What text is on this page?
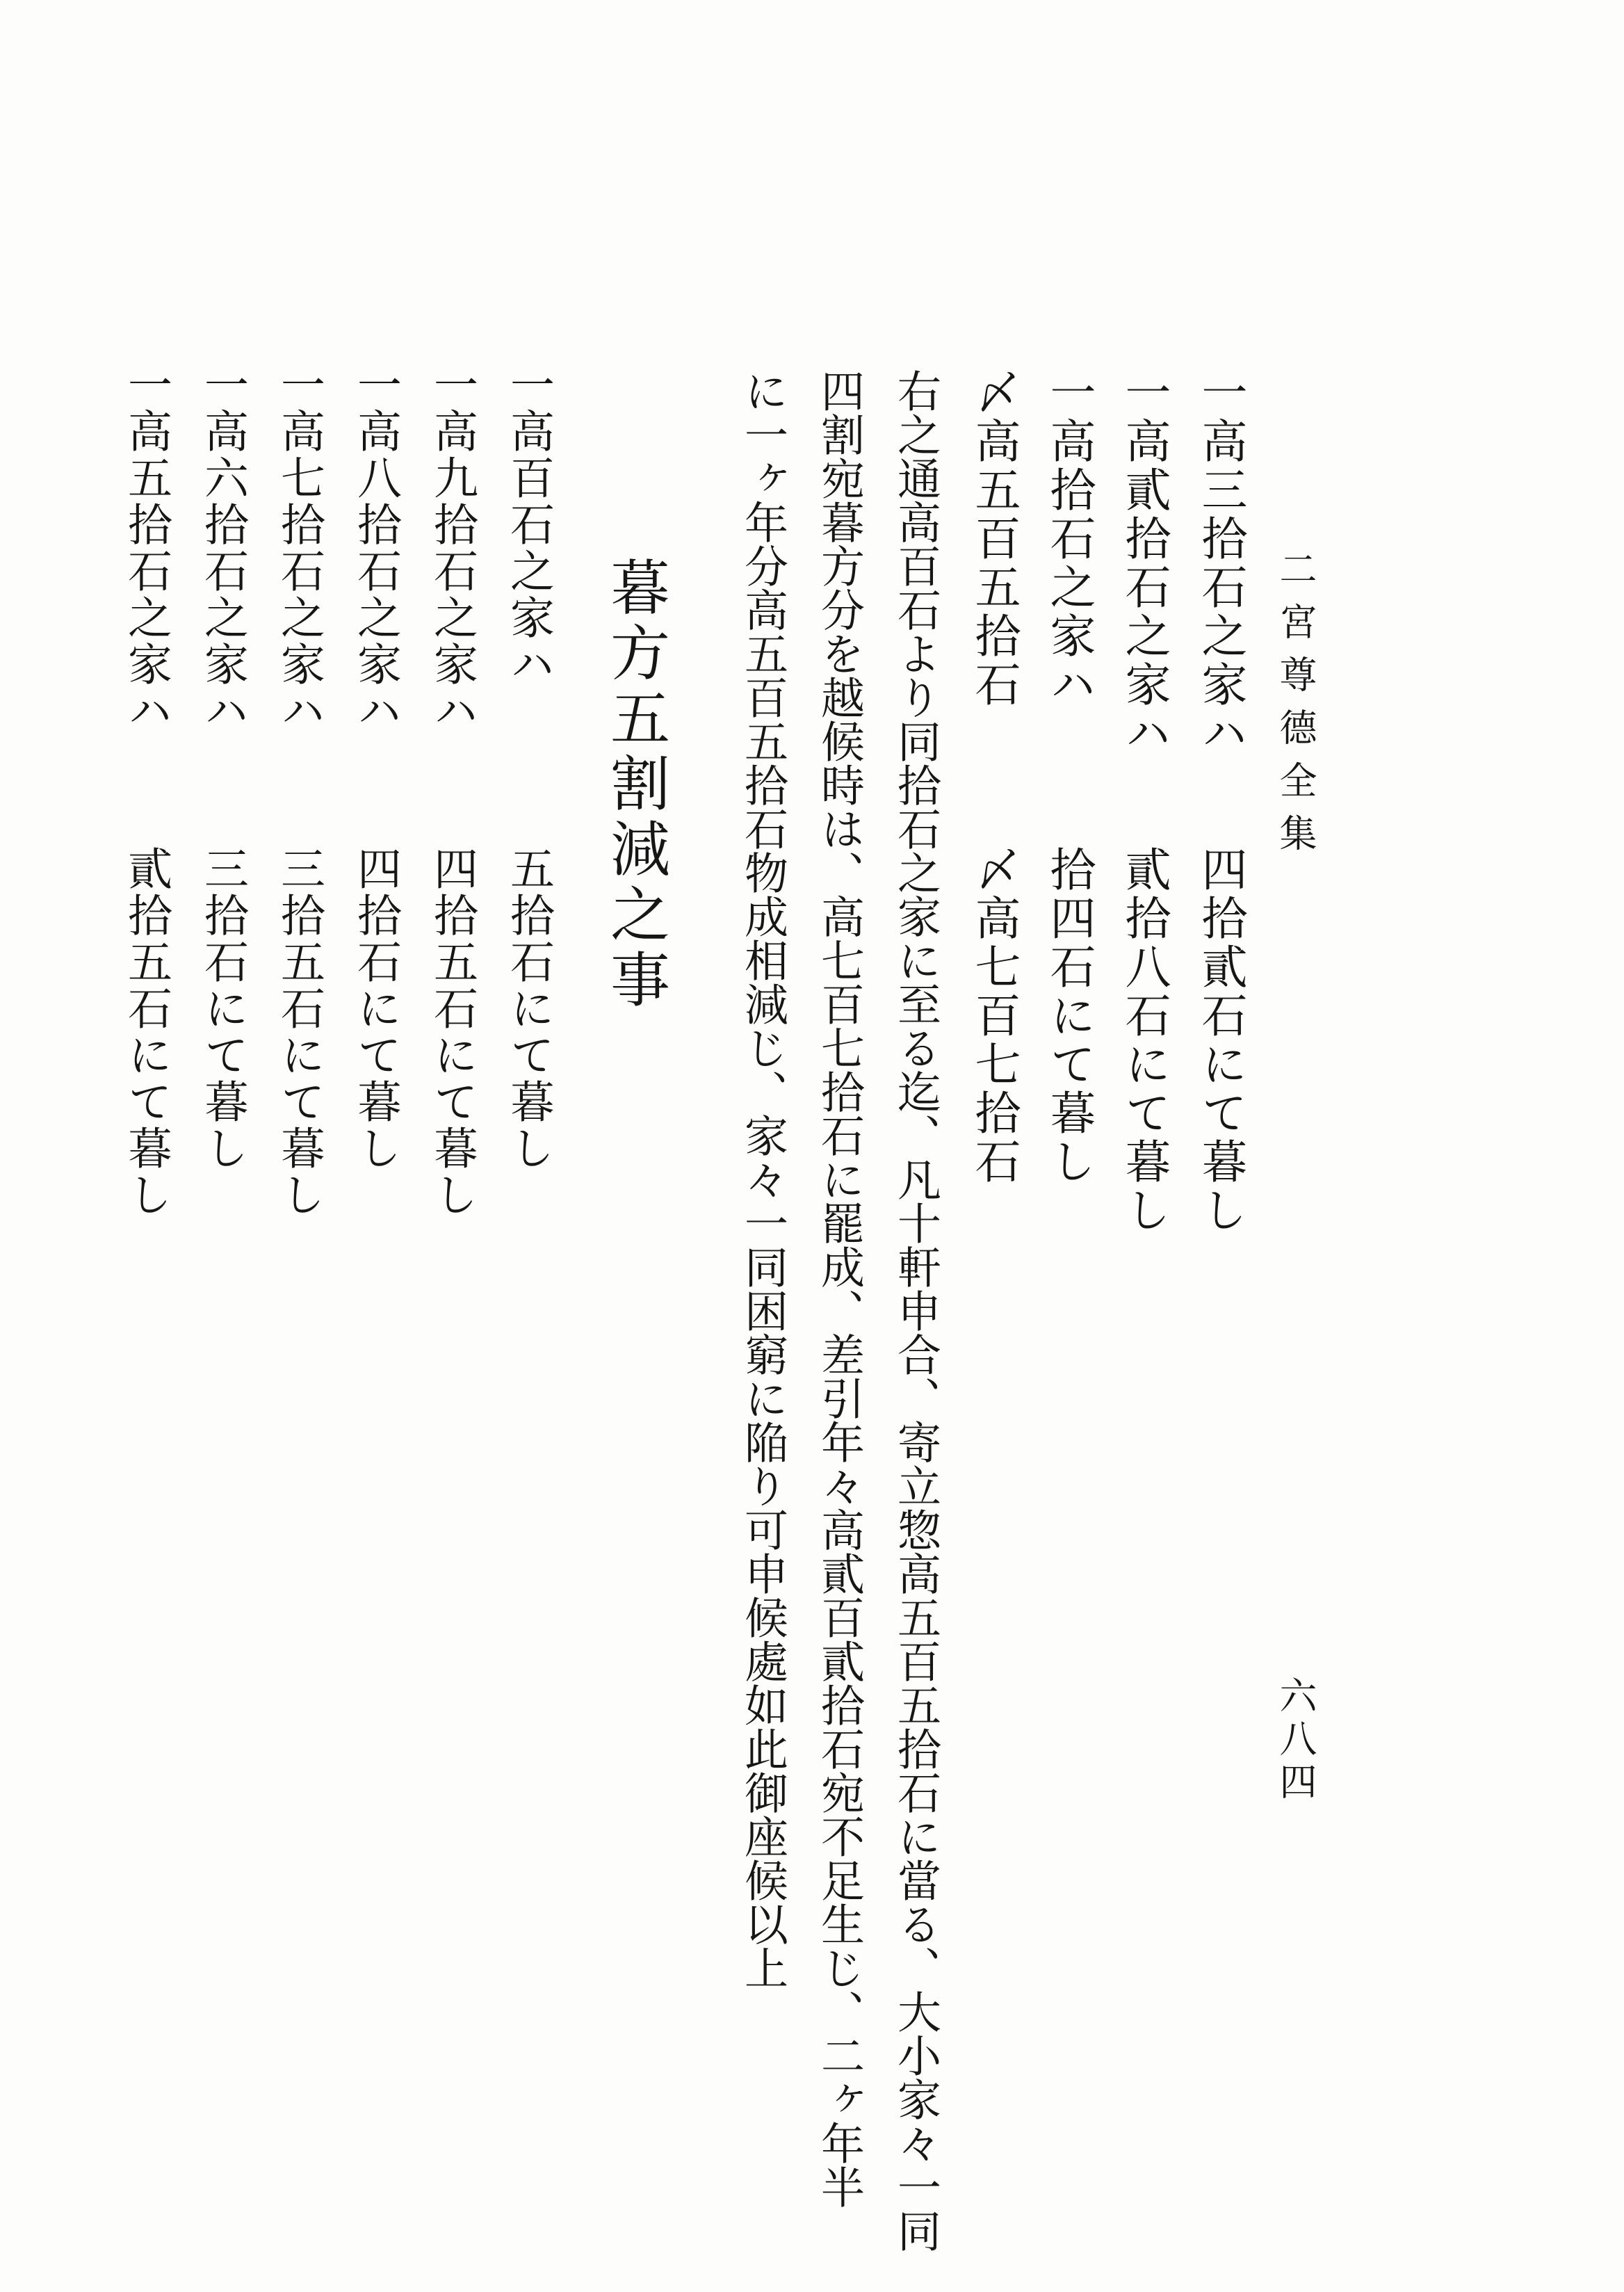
二宮尊德全集
六八四
一高三拾石之家ハ
四拾貳石にて暮し
一高貳拾石之家ハ
貳拾八石にて暮し
一高拾石之家ハ
拾四石にて暮し
〆高五百五拾石
〆高七百七拾石
右之通高百石より同拾石之家に至る迄、凡十軒申合、寄立惣高五百五拾石に當る、大小家々一同
四割宛暮方分を越候時は、高七百七拾石に罷成、差引年々高貳百貳拾石宛不足生じ、二ヶ年半
に一ヶ年分高五百五拾石物成相減じ、家々一同困窮に陥り可申候處如此御座候以上
暮方五割減之事
一高百石之家ハ
五拾石にて暮し
一高九拾石之家ハ
四拾五石にて暮し
一高八拾石之家ハ
四拾石にて暮し
一高七拾石之家ハ
三拾五石にて暮し
一高六拾石之家ハ
三拾石にて暮し
一高五拾石之家ハ
貳拾五石にて暮し
